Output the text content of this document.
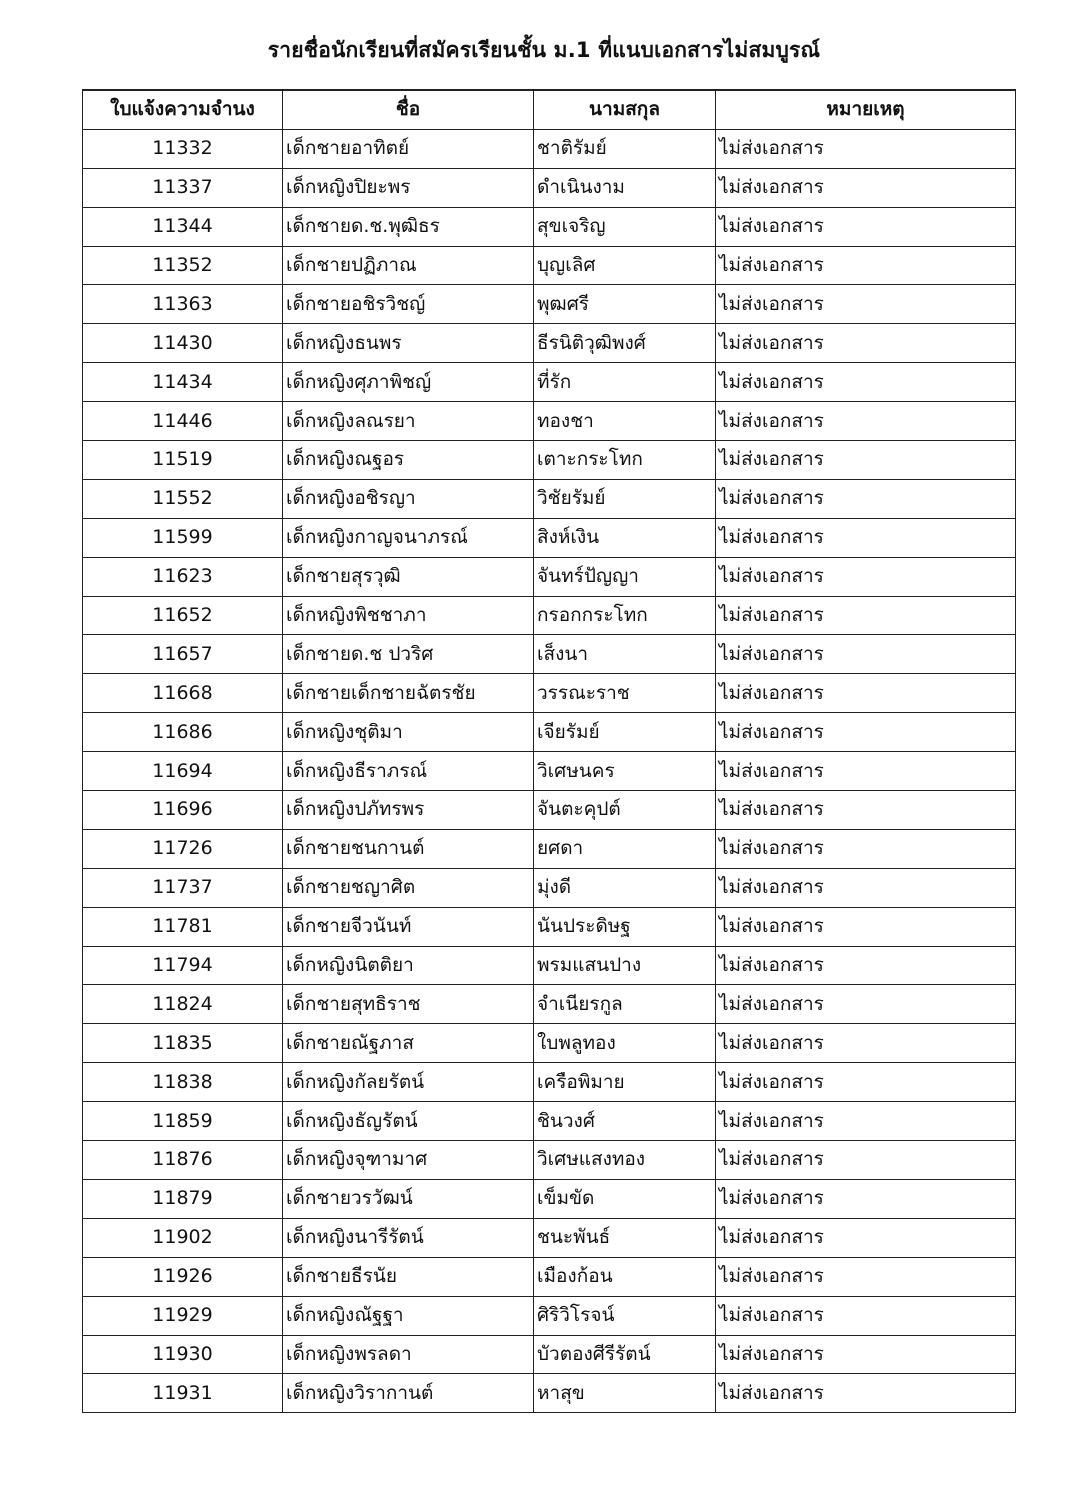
รายชื่อนักเรียนที่สมัครเรียนชั้น ม.1 ที่แนบเอกสารไม่สมบูรณ์
ใบแจ้งความจำนง	ชื่อ	นามสกุล	หมายเหตุ
11332	เด็กชายอาทิตย์	ชาติรัมย์	ไม่ส่งเอกสาร
11337	เด็กหญิงปิยะพร	ดำเนินงาม	ไม่ส่งเอกสาร
11344	เด็กชายด.ช.พุฒิธร	สุขเจริญ	ไม่ส่งเอกสาร
11352	เด็กชายปฏิภาณ	บุญเลิศ	ไม่ส่งเอกสาร
11363	เด็กชายอชิรวิชญ์	พุฒศรี	ไม่ส่งเอกสาร
11430	เด็กหญิงธนพร	ธีรนิติวุฒิพงศ์	ไม่ส่งเอกสาร
11434	เด็กหญิงศุภาพิชญ์	ที่รัก	ไม่ส่งเอกสาร
11446	เด็กหญิงลณรยา	ทองชา	ไม่ส่งเอกสาร
11519	เด็กหญิงณฐอร	เตาะกระโทก	ไม่ส่งเอกสาร
11552	เด็กหญิงอชิรญา	วิชัยรัมย์	ไม่ส่งเอกสาร
11599	เด็กหญิงกาญจนาภรณ์	สิงห์เงิน	ไม่ส่งเอกสาร
11623	เด็กชายสุรวุฒิ	จันทร์ปัญญา	ไม่ส่งเอกสาร
11652	เด็กหญิงพิชชาภา	กรอกกระโทก	ไม่ส่งเอกสาร
11657	เด็กชายด.ช ปวริศ	เส็งนา	ไม่ส่งเอกสาร
11668	เด็กชายเด็กชายฉัตรชัย	วรรณะราช	ไม่ส่งเอกสาร
11686	เด็กหญิงชุติมา	เจียรัมย์	ไม่ส่งเอกสาร
11694	เด็กหญิงธีราภรณ์	วิเศษนคร	ไม่ส่งเอกสาร
11696	เด็กหญิงปภัทรพร	จันตะคุปต์	ไม่ส่งเอกสาร
11726	เด็กชายชนกานต์	ยศดา	ไม่ส่งเอกสาร
11737	เด็กชายชญาศิต	มุ่งดี	ไม่ส่งเอกสาร
11781	เด็กชายจีวนันท์	นันประดิษฐ	ไม่ส่งเอกสาร
11794	เด็กหญิงนิตติยา	พรมแสนปาง	ไม่ส่งเอกสาร
11824	เด็กชายสุทธิราช	จำเนียรกูล	ไม่ส่งเอกสาร
11835	เด็กชายณัฐภาส	ใบพลูทอง	ไม่ส่งเอกสาร
11838	เด็กหญิงกัลยรัตน์	เครือพิมาย	ไม่ส่งเอกสาร
11859	เด็กหญิงธัญรัตน์	ชินวงศ์	ไม่ส่งเอกสาร
11876	เด็กหญิงจุฑามาศ	วิเศษแสงทอง	ไม่ส่งเอกสาร
11879	เด็กชายวรวัฒน์	เข็มขัด	ไม่ส่งเอกสาร
11902	เด็กหญิงนารีรัตน์	ชนะพันธ์	ไม่ส่งเอกสาร
11926	เด็กชายธีรนัย	เมืองก้อน	ไม่ส่งเอกสาร
11929	เด็กหญิงณัฐฐา	ศิริวิโรจน์	ไม่ส่งเอกสาร
11930	เด็กหญิงพรลดา	บัวตองศีรีรัตน์	ไม่ส่งเอกสาร
11931	เด็กหญิงวิรากานต์	หาสุข	ไม่ส่งเอกสาร
